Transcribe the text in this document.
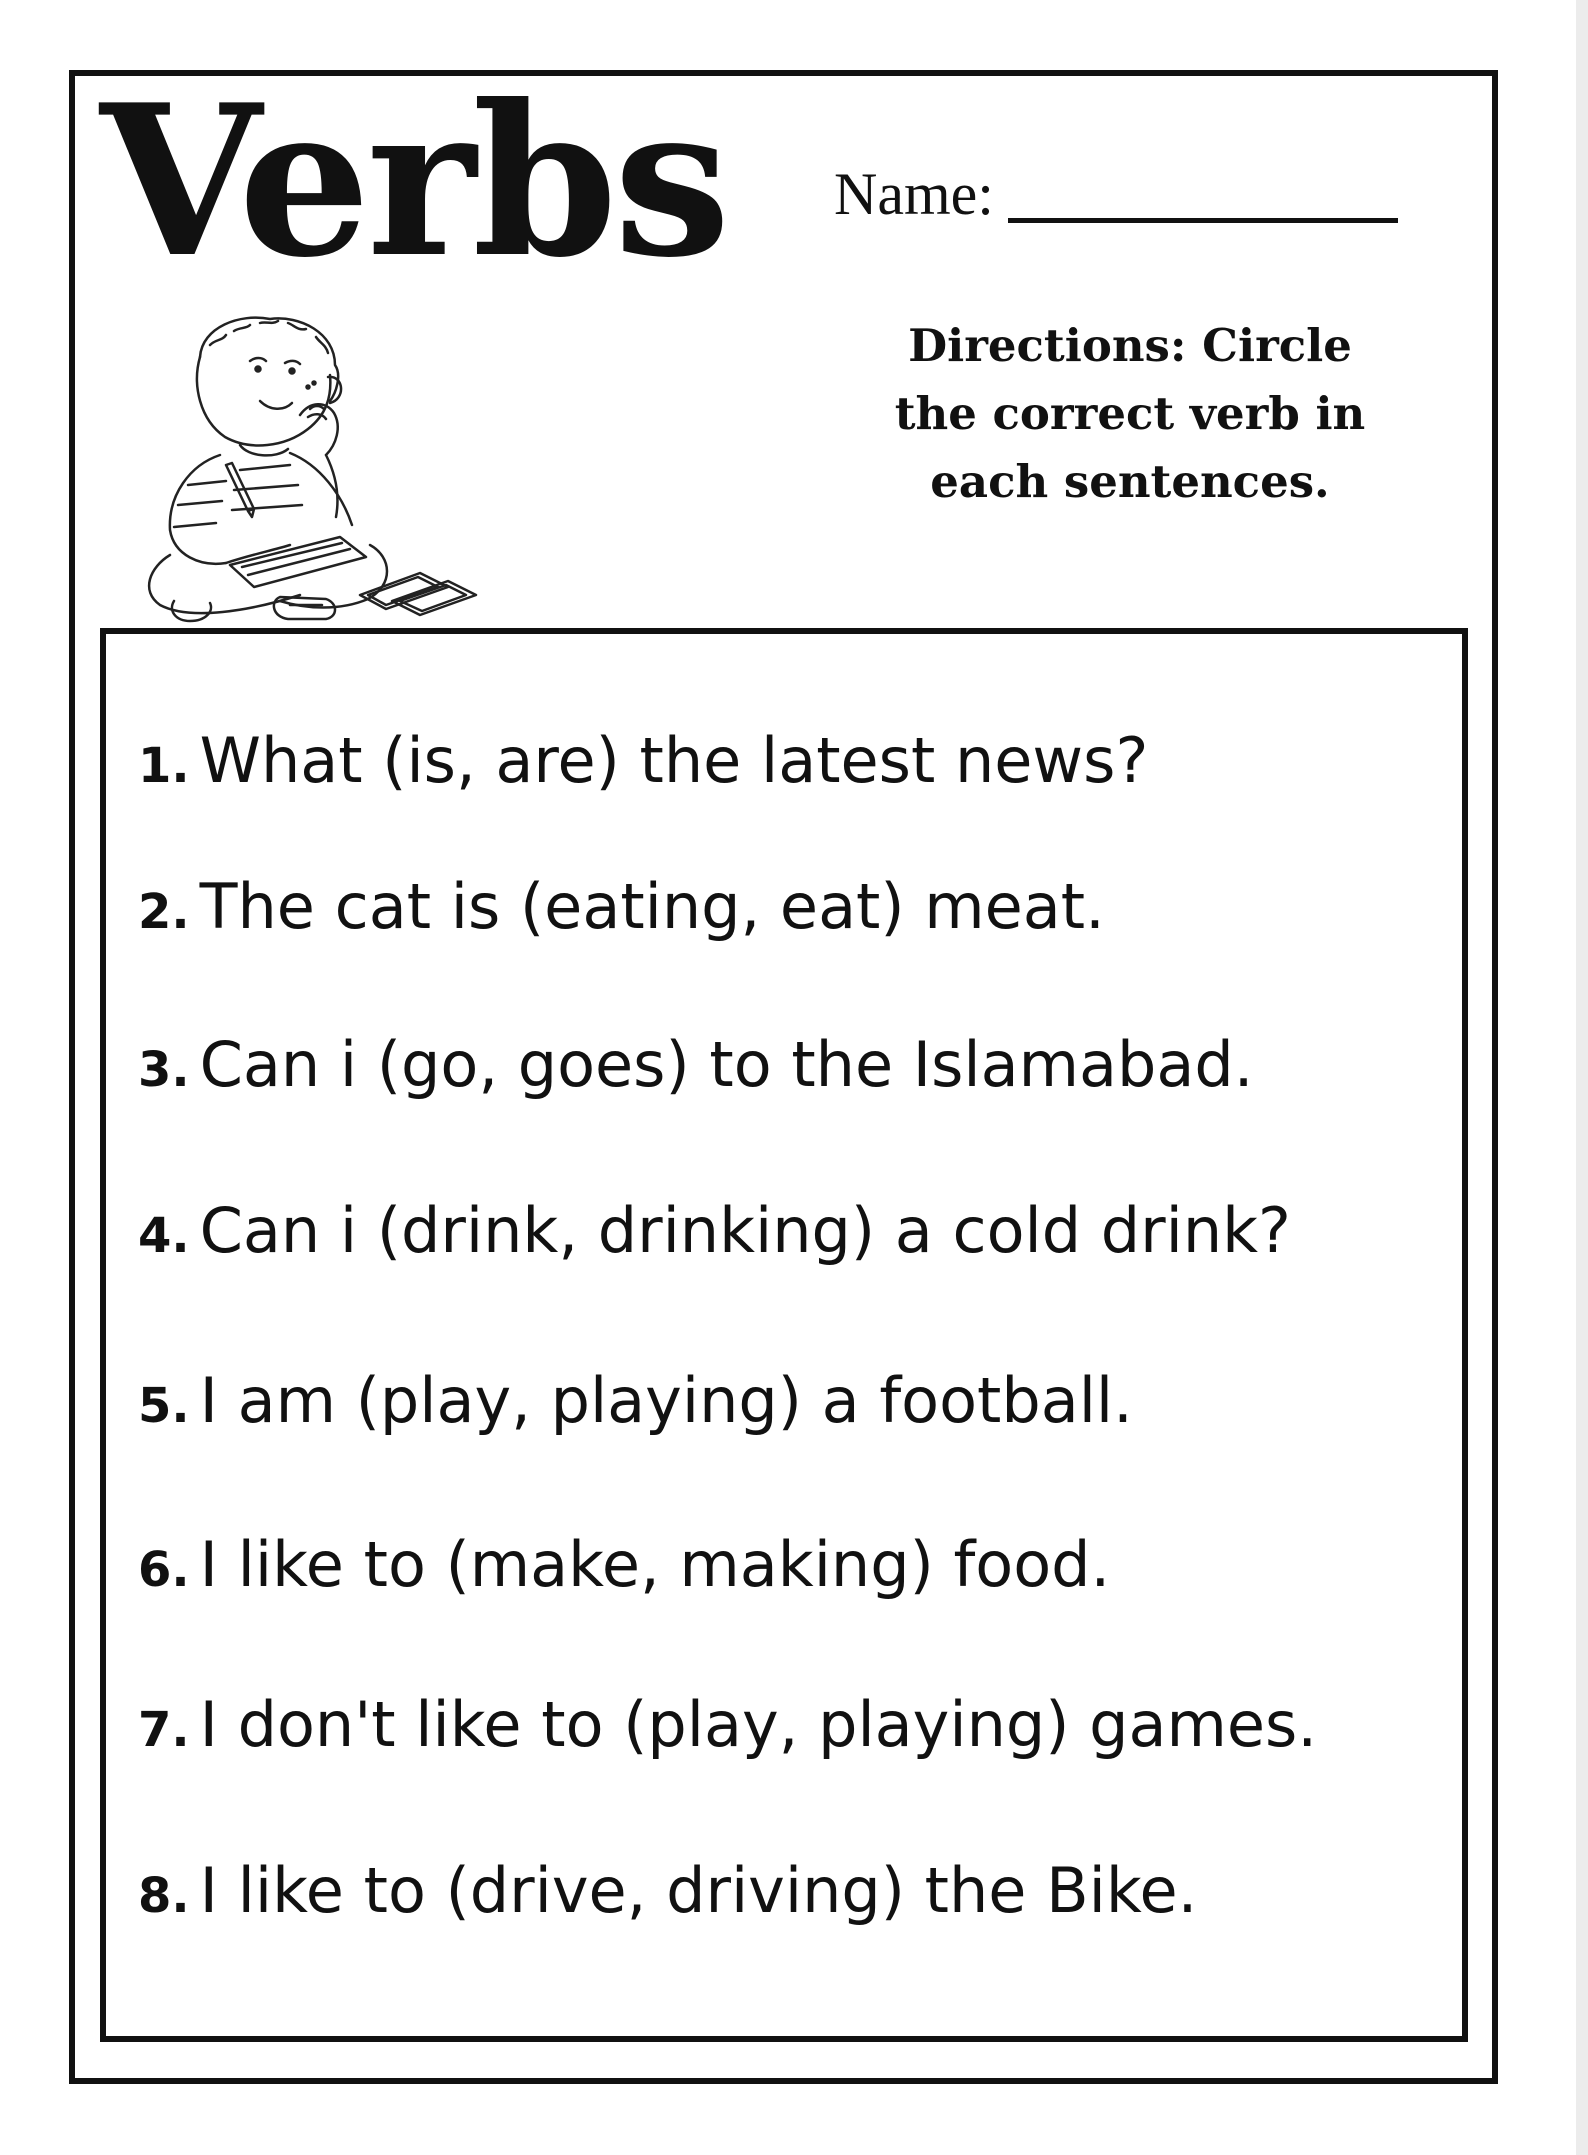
Verbs Name:
Directions: Circle the correct verb in each sentences.
1. What (is, are) the latest news?
2. The cat is (eating, eat) meat.
3. Can i (go, goes) to the Islamabad.
4. Can i (drink, drinking) a cold drink?
5. I am (play, playing) a football.
6. I like to (make, making) food.
7. I don't like to (play, playing) games.
8. I like to (drive, driving) the Bike.
